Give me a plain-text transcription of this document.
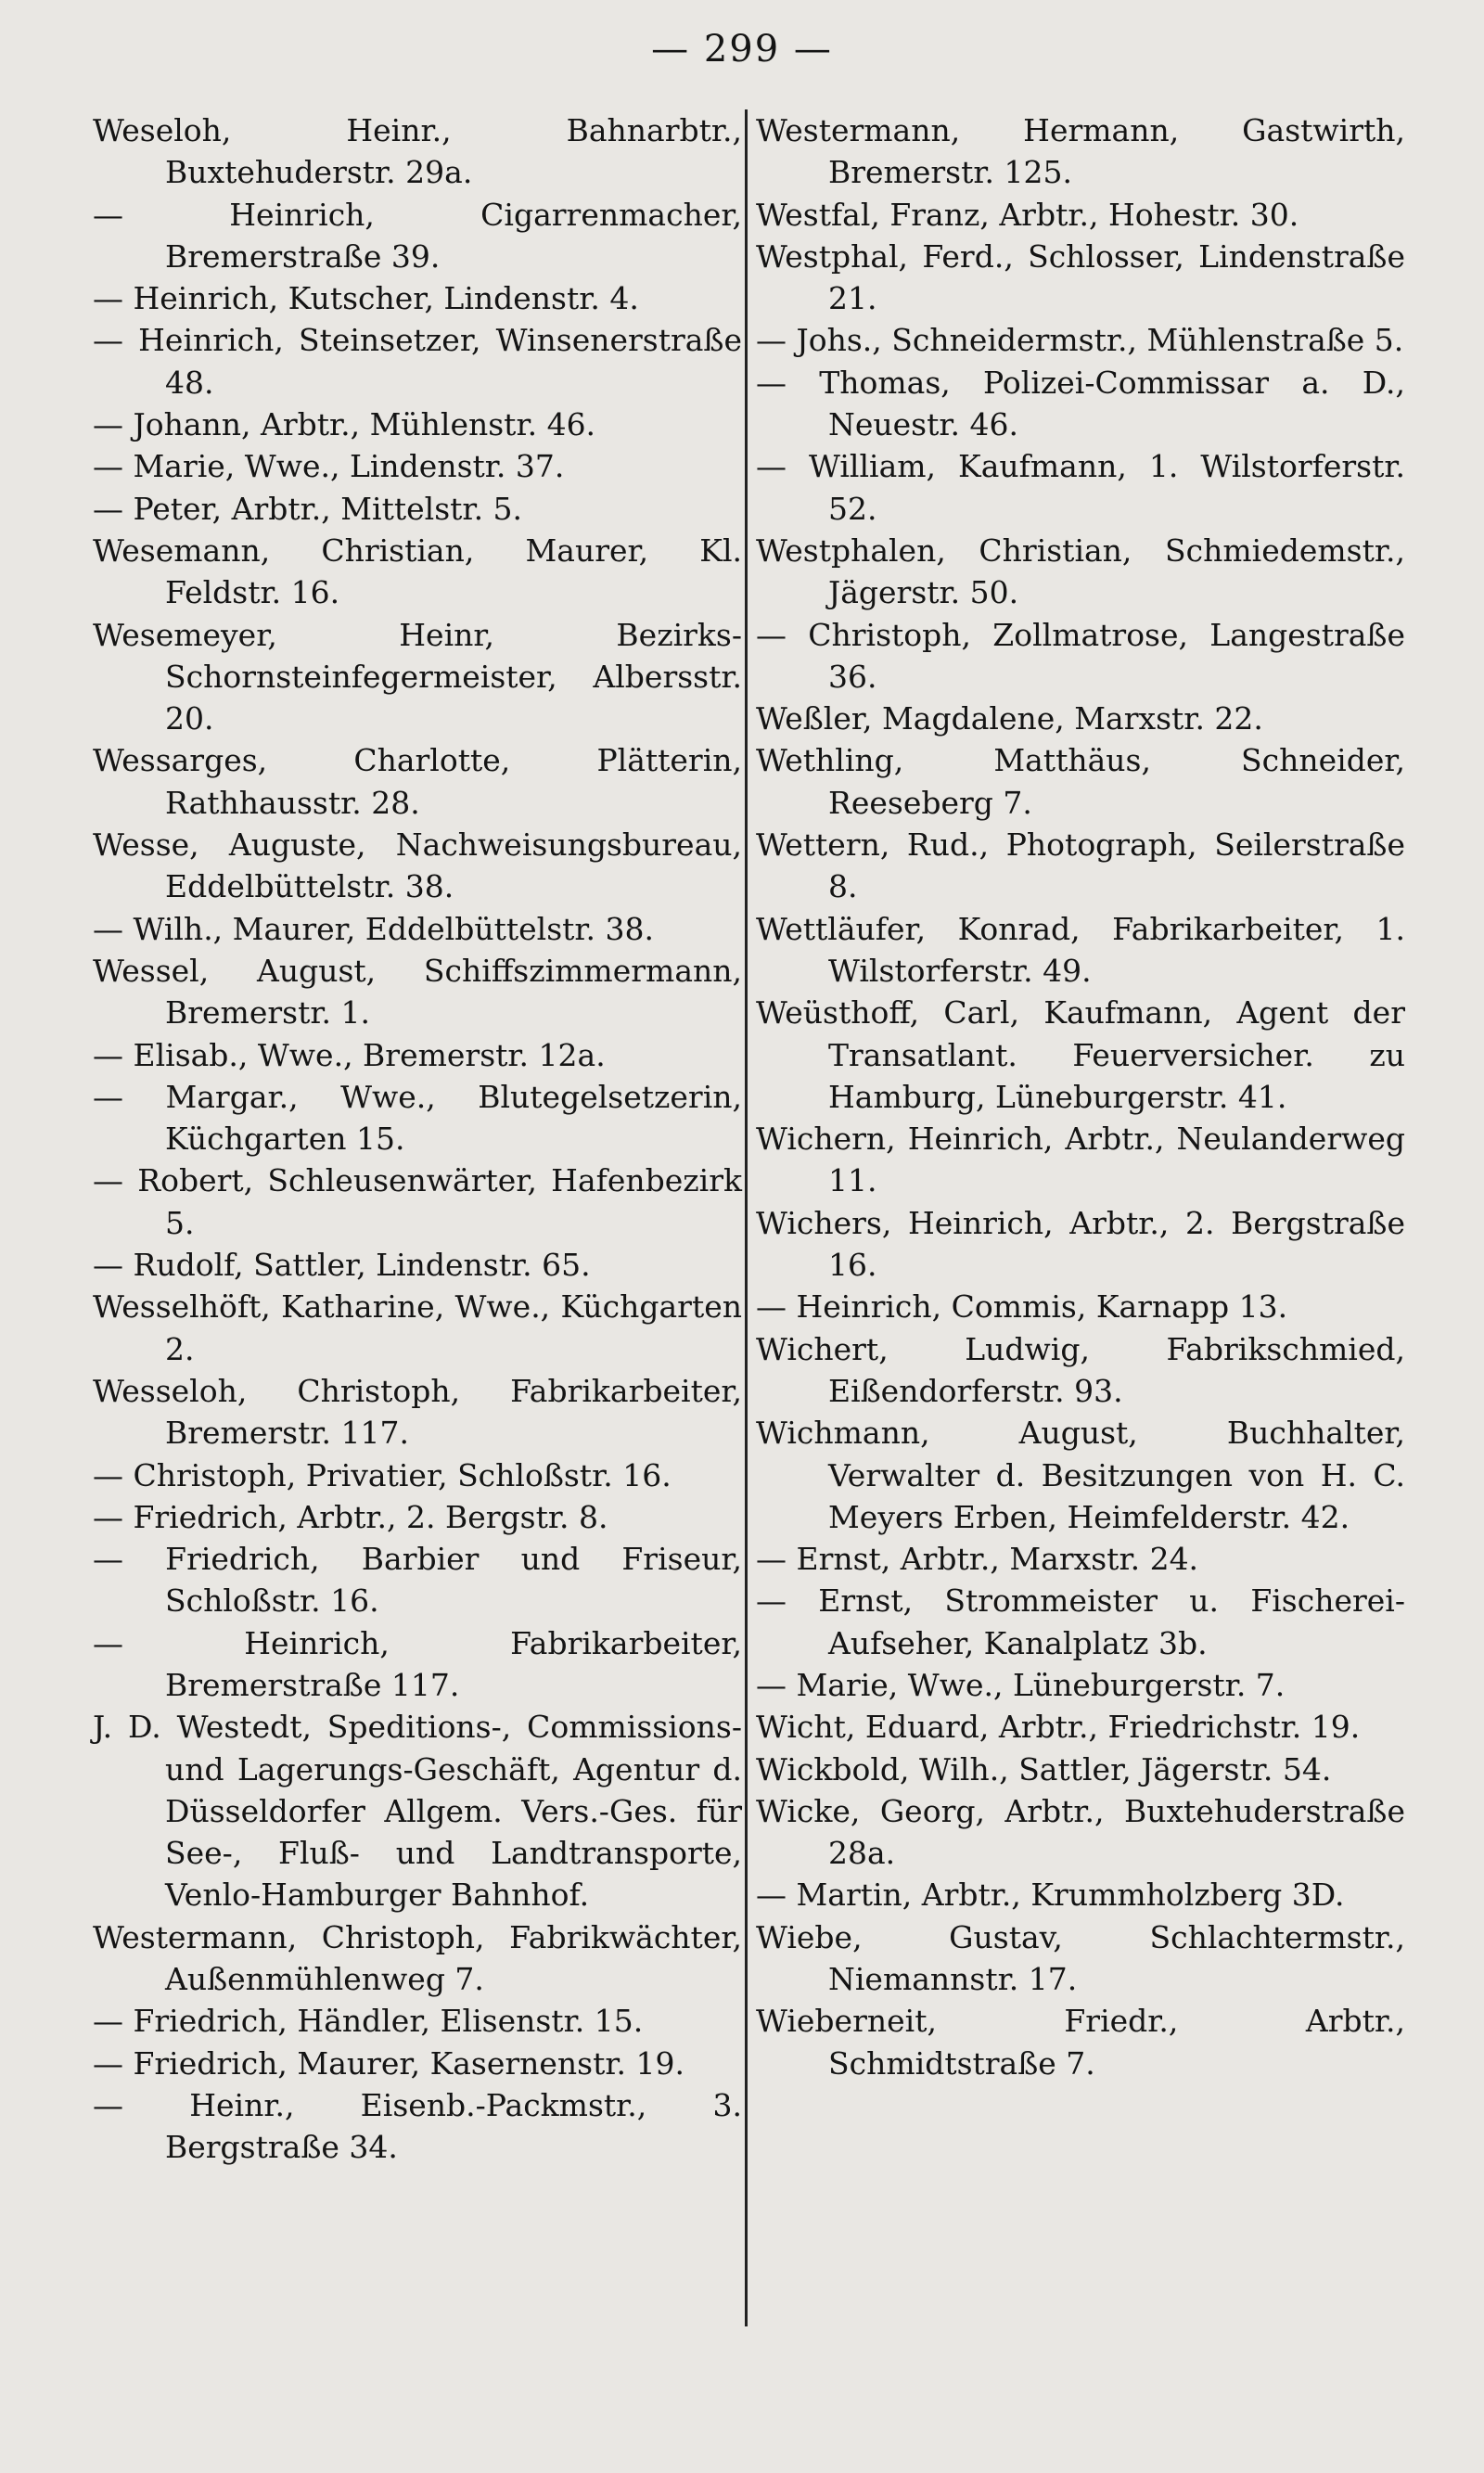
— 299 —

Weseloh, Heinr., Bahnarbtr., Buxtehuderstr. 29a.

— Heinrich, Cigarrenmacher, Bremerstraße 39.

— Heinrich, Kutscher, Lindenstr. 4.

— Heinrich, Steinsetzer, Winsenerstraße 48.

— Johann, Arbtr., Mühlenstr. 46.

— Marie, Wwe., Lindenstr. 37.

— Peter, Arbtr., Mittelstr. 5.

Wesemann, Christian, Maurer, Kl. Feldstr. 16.

Wesemeyer, Heinr, Bezirks-Schornsteinfegermeister, Albersstr. 20.

Wessarges, Charlotte, Plätterin, Rathhausstr. 28.

Wesse, Auguste, Nachweisungsbureau, Eddelbüttelstr. 38.

— Wilh., Maurer, Eddelbüttelstr. 38.

Wessel, August, Schiffszimmermann, Bremerstr. 1.

— Elisab., Wwe., Bremerstr. 12a.

— Margar., Wwe., Blutegelsetzerin, Küchgarten 15.

— Robert, Schleusenwärter, Hafenbezirk 5.

— Rudolf, Sattler, Lindenstr. 65.

Wesselhöft, Katharine, Wwe., Küchgarten 2.

Wesseloh, Christoph, Fabrikarbeiter, Bremerstr. 117.

— Christoph, Privatier, Schloßstr. 16.

— Friedrich, Arbtr., 2. Bergstr. 8.

— Friedrich, Barbier und Friseur, Schloßstr. 16.

— Heinrich, Fabrikarbeiter, Bremerstraße 117.

J. D. Westedt, Speditions-, Commissions- und Lagerungs-Geschäft, Agentur d. Düsseldorfer Allgem. Vers.-Ges. für See-, Fluß- und Landtransporte, Venlo-Hamburger Bahnhof.

Westermann, Christoph, Fabrikwächter, Außenmühlenweg 7.

— Friedrich, Händler, Elisenstr. 15.

— Friedrich, Maurer, Kasernenstr. 19.

— Heinr., Eisenb.-Packmstr., 3. Bergstraße 34.

Westermann, Hermann, Gastwirth, Bremerstr. 125.

Westfal, Franz, Arbtr., Hohestr. 30.

Westphal, Ferd., Schlosser, Lindenstraße 21.

— Johs., Schneidermstr., Mühlenstraße 5.

— Thomas, Polizei-Commissar a. D., Neuestr. 46.

— William, Kaufmann, 1. Wilstorferstr. 52.

Westphalen, Christian, Schmiedemstr., Jägerstr. 50.

— Christoph, Zollmatrose, Langestraße 36.

Weßler, Magdalene, Marxstr. 22.

Wethling, Matthäus, Schneider, Reeseberg 7.

Wettern, Rud., Photograph, Seilerstraße 8.

Wettläufer, Konrad, Fabrikarbeiter, 1. Wilstorferstr. 49.

Weüsthoff, Carl, Kaufmann, Agent der Transatlant. Feuerversicher. zu Hamburg, Lüneburgerstr. 41.

Wichern, Heinrich, Arbtr., Neulanderweg 11.

Wichers, Heinrich, Arbtr., 2. Bergstraße 16.

— Heinrich, Commis, Karnapp 13.

Wichert, Ludwig, Fabrikschmied, Eißendorferstr. 93.

Wichmann, August, Buchhalter, Verwalter d. Besitzungen von H. C. Meyers Erben, Heimfelderstr. 42.

— Ernst, Arbtr., Marxstr. 24.

— Ernst, Strommeister u. Fischerei-Aufseher, Kanalplatz 3b.

— Marie, Wwe., Lüneburgerstr. 7.

Wicht, Eduard, Arbtr., Friedrichstr. 19.

Wickbold, Wilh., Sattler, Jägerstr. 54.

Wicke, Georg, Arbtr., Buxtehuderstraße 28a.

— Martin, Arbtr., Krummholzberg 3D.

Wiebe, Gustav, Schlachtermstr., Niemannstr. 17.

Wieberneit, Friedr., Arbtr., Schmidtstraße 7.
